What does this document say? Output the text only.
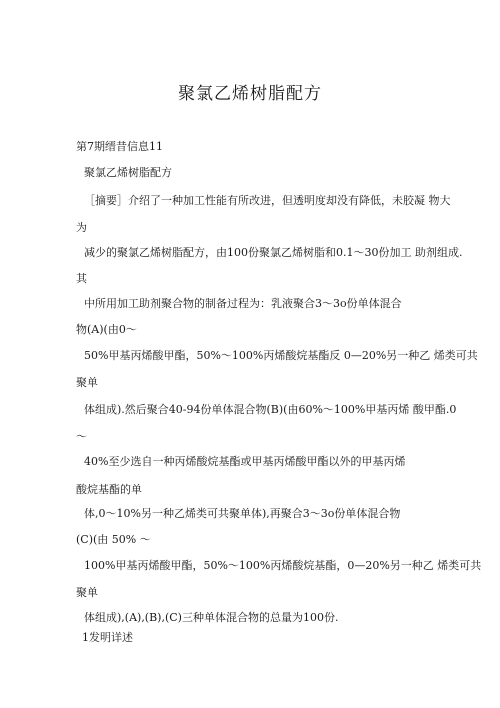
聚氯乙烯树脂配方
第7期缙昔信息11
聚氯乙烯树脂配方
［摘要］介绍了一种加工性能有所改进，但透明度却没有降低，未胶凝 物大
为
减少的聚氯乙烯树脂配方，由100份聚氯乙烯树脂和0.1～30份加工 助剂组成.
其
中所用加工助剂聚合物的制备过程为：乳液聚合3～3o份单体混合
物(A)(由0～
50%甲基丙烯酸甲酯，50%～100%丙烯酸烷基酯反 0—20%另一种乙 烯类可共
聚单
体组成).然后聚合40-94份单体混合物(B)(由60%～100%甲基丙烯 酸甲酯.0
～
40%至少选自一种丙烯酸烷基酯或甲基丙烯酸甲酯以外的甲基丙烯
酸烷基酯的单
体,0～10%另一种乙烯类可共聚单体),再聚合3～3o份单体混合物
(C)(由 50% ～
100%甲基丙烯酸甲酯，50%～100%丙烯酸烷基酯，0—20%另一种乙 烯类可共
聚单
体组成),(A),(B),(C)三种单体混合物的总量为100份.
1发明详述
